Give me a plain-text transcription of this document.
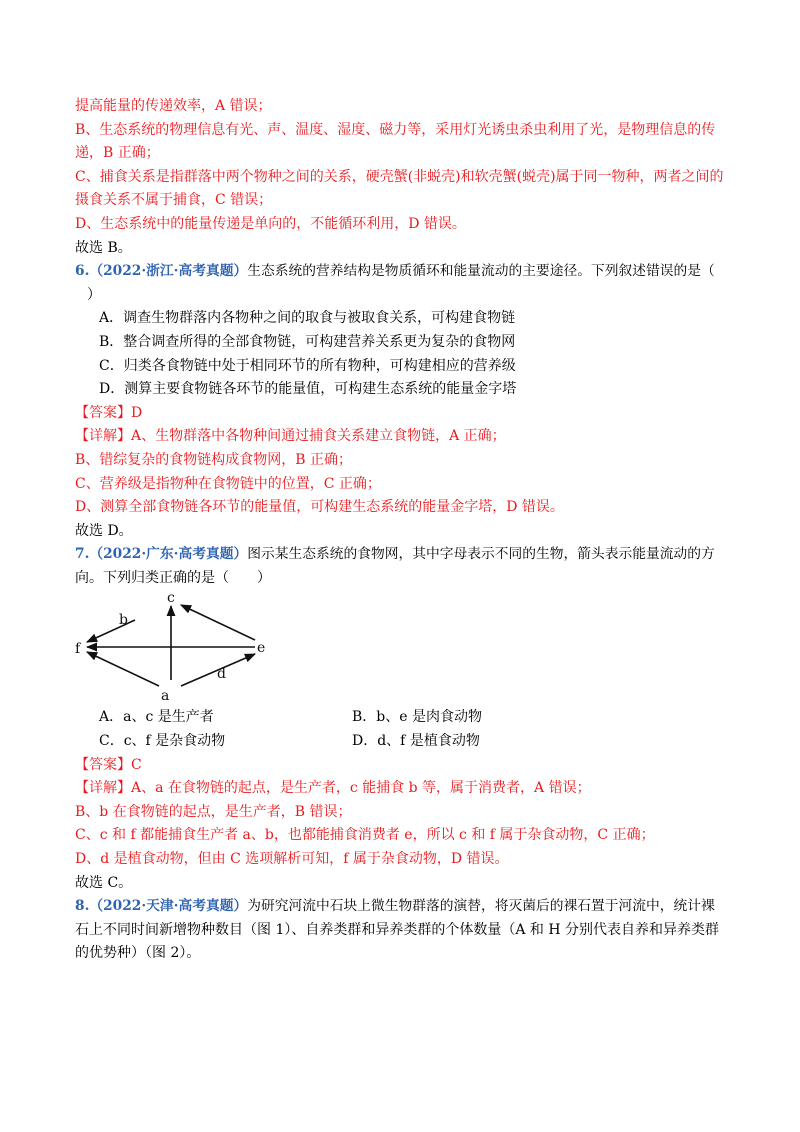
提高能量的传递效率，A 错误；
B、生态系统的物理信息有光、声、温度、湿度、磁力等，采用灯光诱虫杀虫利用了光，是物理信息的传
递，B 正确；
C、捕食关系是指群落中两个物种之间的关系，硬壳蟹(非蜕壳)和软壳蟹(蜕壳)属于同一物种，两者之间的
摄食关系不属于捕食，C 错误；
D、生态系统中的能量传递是单向的，不能循环利用，D 错误。
故选 B。
6.（2022·浙江·高考真题）生态系统的营养结构是物质循环和能量流动的主要途径。下列叙述错误的是（
）
A．调查生物群落内各物种之间的取食与被取食关系，可构建食物链
B．整合调查所得的全部食物链，可构建营养关系更为复杂的食物网
C．归类各食物链中处于相同环节的所有物种，可构建相应的营养级
D．测算主要食物链各环节的能量值，可构建生态系统的能量金字塔
【答案】D
【详解】A、生物群落中各物种间通过捕食关系建立食物链，A 正确；
B、错综复杂的食物链构成食物网，B 正确；
C、营养级是指物种在食物链中的位置，C 正确；
D、测算全部食物链各环节的能量值，可构建生态系统的能量金字塔，D 错误。
故选 D。
7.（2022·广东·高考真题）图示某生态系统的食物网，其中字母表示不同的生物，箭头表示能量流动的方
向。下列归类正确的是（　　）
c
b
f	e
d
a
A．a、c 是生产者	B．b、e 是肉食动物
C．c、f 是杂食动物	D．d、f 是植食动物
【答案】C
【详解】A、a 在食物链的起点，是生产者，c 能捕食 b 等，属于消费者，A 错误；
B、b 在食物链的起点，是生产者，B 错误；
C、c 和 f 都能捕食生产者 a、b，也都能捕食消费者 e，所以 c 和 f 属于杂食动物，C 正确；
D、d 是植食动物，但由 C 选项解析可知，f 属于杂食动物，D 错误。
故选 C。
8.（2022·天津·高考真题）为研究河流中石块上微生物群落的演替，将灭菌后的裸石置于河流中，统计裸
石上不同时间新增物种数目（图 1）、自养类群和异养类群的个体数量（A 和 H 分别代表自养和异养类群
的优势种）（图 2）。
